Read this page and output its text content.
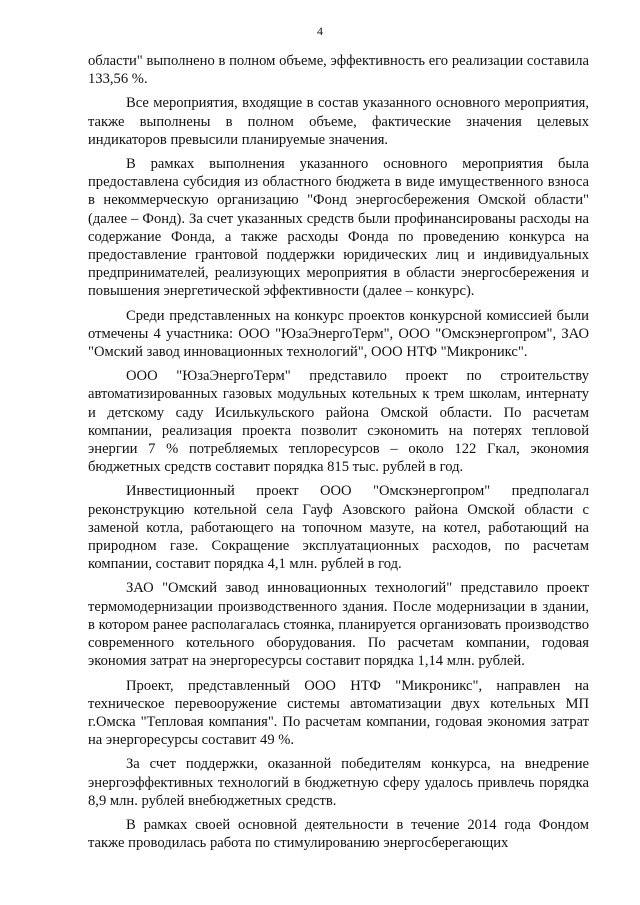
4

области" выполнено в полном объеме, эффективность его реализации составила 133,56 %.

Все мероприятия, входящие в состав указанного основного мероприятия, также выполнены в полном объеме, фактические значения целевых индикаторов превысили планируемые значения.

В рамках выполнения указанного основного мероприятия была предоставлена субсидия из областного бюджета в виде имущественного взноса в некоммерческую организацию "Фонд энергосбережения Омской области" (далее – Фонд). За счет указанных средств были профинансированы расходы на содержание Фонда, а также расходы Фонда по проведению конкурса на предоставление грантовой поддержки юридических лиц и индивидуальных предпринимателей, реализующих мероприятия в области энергосбережения и повышения энергетической эффективности (далее – конкурс).

Среди представленных на конкурс проектов конкурсной комиссией были отмечены 4 участника: ООО "ЮзаЭнергоТерм", ООО "Омскэнергопром", ЗАО "Омский завод инновационных технологий", ООО НТФ "Микроникс".

ООО "ЮзаЭнергоТерм" представило проект по строительству автоматизированных газовых модульных котельных к трем школам, интернату и детскому саду Исилькульского района Омской области. По расчетам компании, реализация проекта позволит сэкономить на потерях тепловой энергии 7 % потребляемых теплоресурсов – около 122 Гкал, экономия бюджетных средств составит порядка 815 тыс. рублей в год.

Инвестиционный проект ООО "Омскэнергопром" предполагал реконструкцию котельной села Гауф Азовского района Омской области с заменой котла, работающего на топочном мазуте, на котел, работающий на природном газе. Сокращение эксплуатационных расходов, по расчетам компании, составит порядка 4,1 млн. рублей в год.

ЗАО "Омский завод инновационных технологий" представило проект термомодернизации производственного здания. После модернизации в здании, в котором ранее располагалась стоянка, планируется организовать производство современного котельного оборудования. По расчетам компании, годовая экономия затрат на энергоресурсы составит порядка 1,14 млн. рублей.

Проект, представленный ООО НТФ "Микроникс", направлен на техническое перевооружение системы автоматизации двух котельных МП г.Омска "Тепловая компания". По расчетам компании, годовая экономия затрат на энергоресурсы составит 49 %.

За счет поддержки, оказанной победителям конкурса, на внедрение энергоэффективных технологий в бюджетную сферу удалось привлечь порядка 8,9 млн. рублей внебюджетных средств.

В рамках своей основной деятельности в течение 2014 года Фондом также проводилась работа по стимулированию энергосберегающих
